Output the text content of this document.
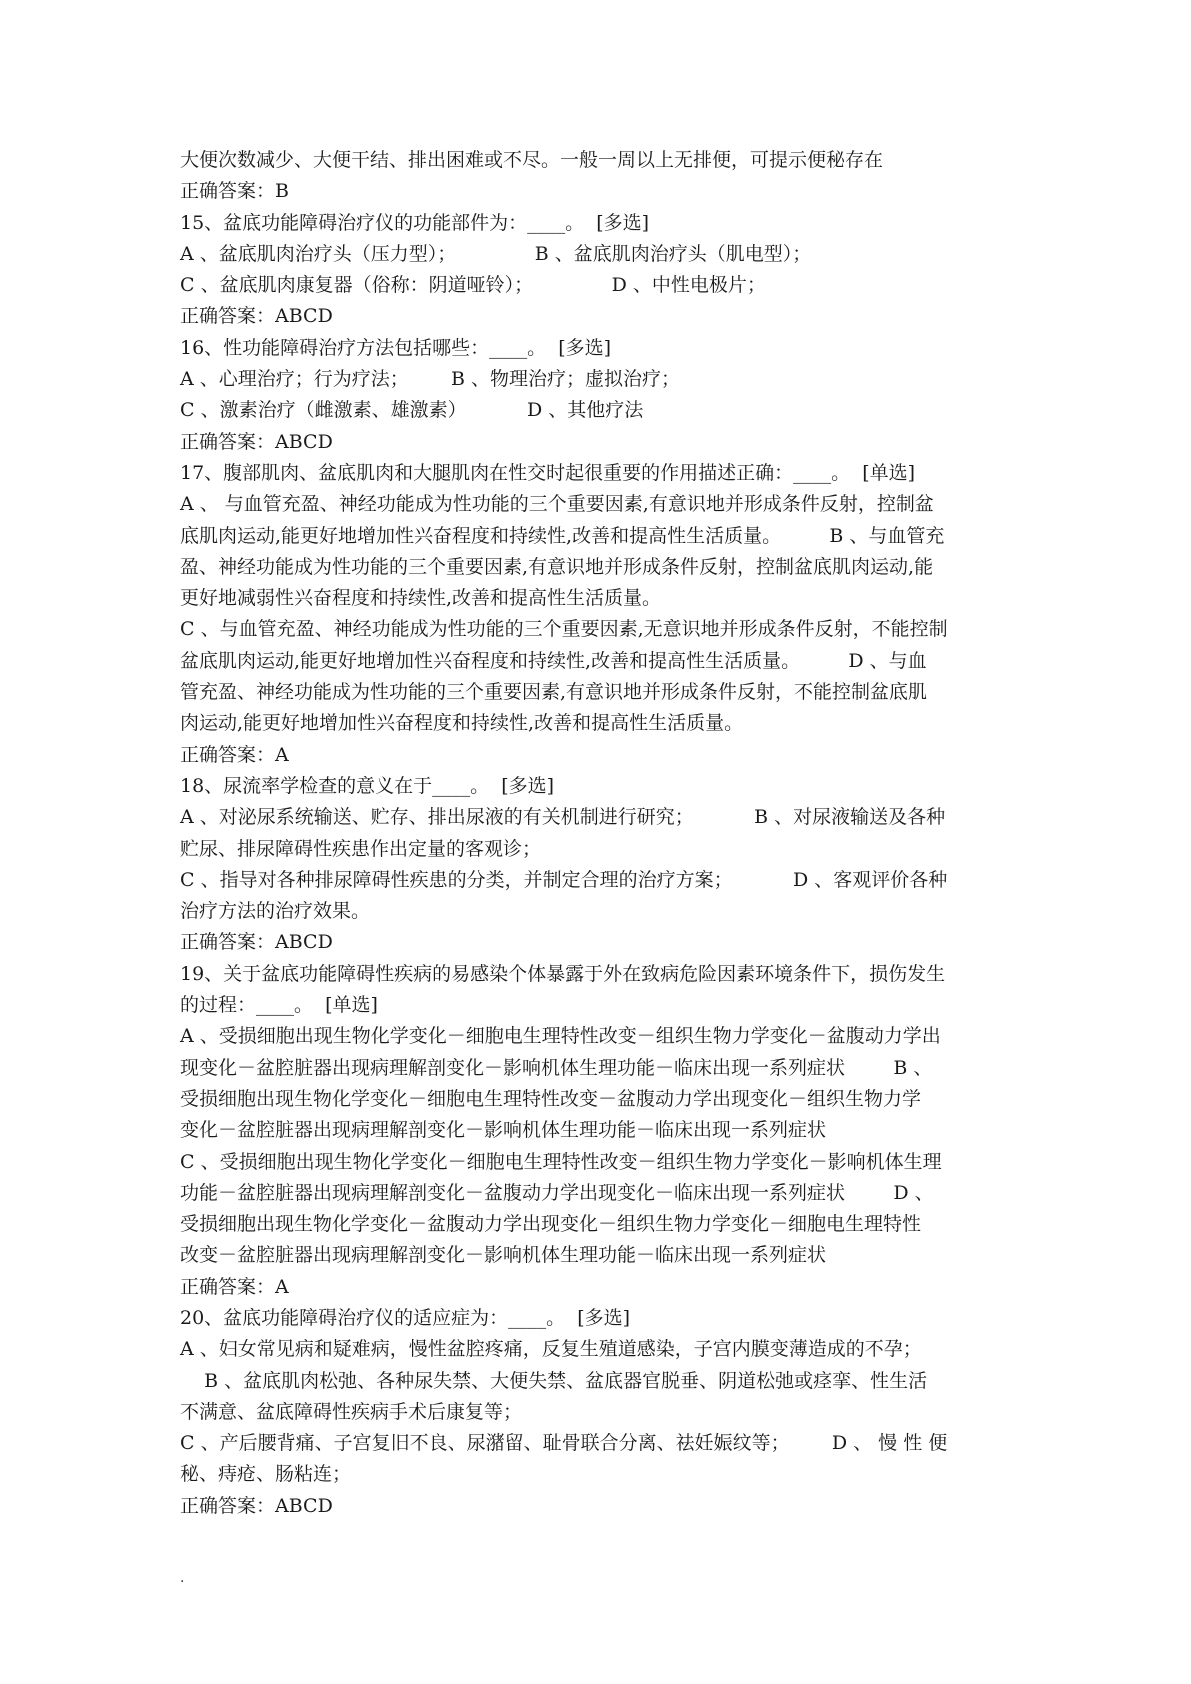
大便次数减少、大便干结、排出困难或不尽。一般一周以上无排便，可提示便秘存在
正确答案：B
15、盆底功能障碍治疗仪的功能部件为：____。  [多选]
A 、盆底肌肉治疗头（压力型）；             B 、盆底肌肉治疗头（肌电型）；
C 、盆底肌肉康复器（俗称：阴道哑铃）；             D 、中性电极片；
正确答案：ABCD
16、性功能障碍治疗方法包括哪些：____。  [多选]
A 、心理治疗；行为疗法；       B 、物理治疗；虚拟治疗；
C 、激素治疗（雌激素、雄激素）          D 、其他疗法
正确答案：ABCD
17、腹部肌肉、盆底肌肉和大腿肌肉在性交时起很重要的作用描述正确：____。  [单选]
A 、 与血管充盈、神经功能成为性功能的三个重要因素,有意识地并形成条件反射，控制盆
底肌肉运动,能更好地增加性兴奋程度和持续性,改善和提高性生活质量。        B 、与血管充
盈、神经功能成为性功能的三个重要因素,有意识地并形成条件反射，控制盆底肌肉运动,能
更好地减弱性兴奋程度和持续性,改善和提高性生活质量。
C 、与血管充盈、神经功能成为性功能的三个重要因素,无意识地并形成条件反射，不能控制
盆底肌肉运动,能更好地增加性兴奋程度和持续性,改善和提高性生活质量。        D 、与血
管充盈、神经功能成为性功能的三个重要因素,有意识地并形成条件反射，不能控制盆底肌
肉运动,能更好地增加性兴奋程度和持续性,改善和提高性生活质量。
正确答案：A
18、尿流率学检查的意义在于____。  [多选]
A 、对泌尿系统输送、贮存、排出尿液的有关机制进行研究；          B 、对尿液输送及各种
贮尿、排尿障碍性疾患作出定量的客观诊；
C 、指导对各种排尿障碍性疾患的分类，并制定合理的治疗方案；          D 、客观评价各种
治疗方法的治疗效果。
正确答案：ABCD
19、关于盆底功能障碍性疾病的易感染个体暴露于外在致病危险因素环境条件下，损伤发生
的过程：____。  [单选]
A 、受损细胞出现生物化学变化－细胞电生理特性改变－组织生物力学变化－盆腹动力学出
现变化－盆腔脏器出现病理解剖变化－影响机体生理功能－临床出现一系列症状        B 、
受损细胞出现生物化学变化－细胞电生理特性改变－盆腹动力学出现变化－组织生物力学
变化－盆腔脏器出现病理解剖变化－影响机体生理功能－临床出现一系列症状
C 、受损细胞出现生物化学变化－细胞电生理特性改变－组织生物力学变化－影响机体生理
功能－盆腔脏器出现病理解剖变化－盆腹动力学出现变化－临床出现一系列症状        D 、
受损细胞出现生物化学变化－盆腹动力学出现变化－组织生物力学变化－细胞电生理特性
改变－盆腔脏器出现病理解剖变化－影响机体生理功能－临床出现一系列症状
正确答案：A
20、盆底功能障碍治疗仪的适应症为：____。  [多选]
A 、妇女常见病和疑难病，慢性盆腔疼痛，反复生殖道感染，子宫内膜变薄造成的不孕；
B 、盆底肌肉松弛、各种尿失禁、大便失禁、盆底器官脱垂、阴道松弛或痉挛、性生活
不满意、盆底障碍性疾病手术后康复等；
C 、产后腰背痛、子宫复旧不良、尿潴留、耻骨联合分离、祛妊娠纹等；       D 、 慢 性 便
秘、痔疮、肠粘连；
正确答案：ABCD
.
